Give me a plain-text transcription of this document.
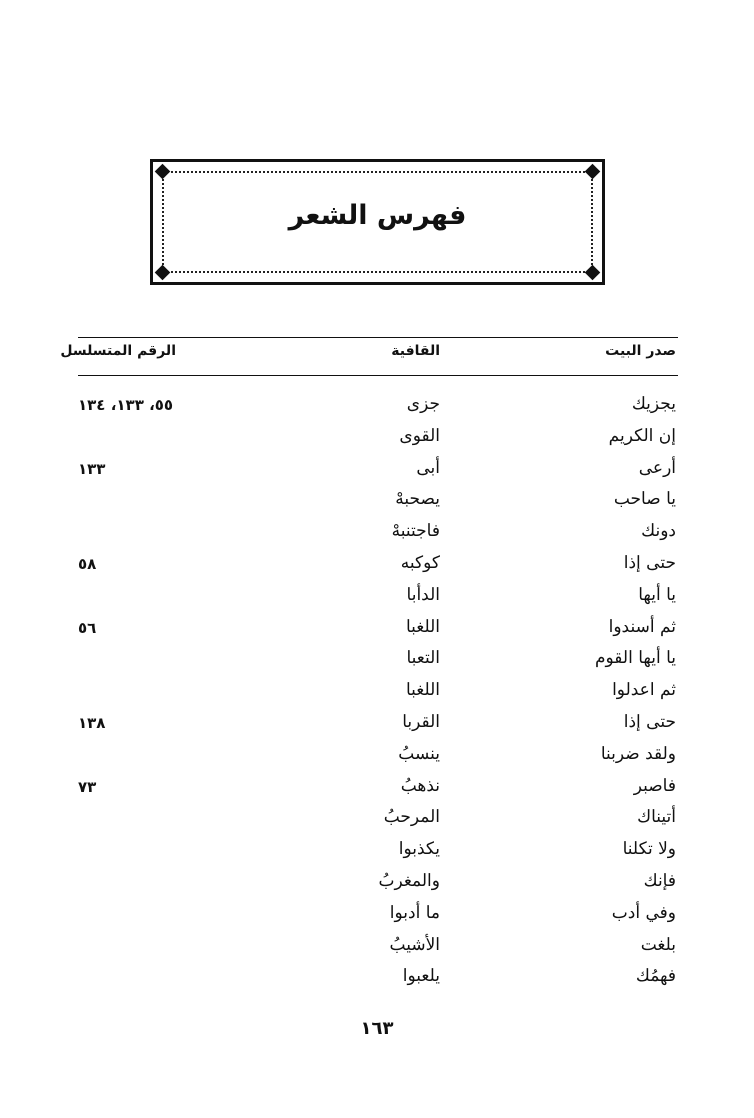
فهرس الشعر
صدر البيت
القافية
الرقم المتسلسل
يجزيك
جزى
٥٥، ١٣٣، ١٣٤
إن الكريم
القوى
أرعى
أبى
١٣٣
يا صاحب
يصحبهْ
دونك
فاجتنبهْ
حتى إذا
كوكبه
٥٨
يا أيها
الدأبا
ثم أسندوا
اللغبا
٥٦
يا أيها القوم
التعبا
ثم اعدلوا
اللغبا
حتى إذا
القربا
١٣٨
ولقد ضربنا
ينسبُ
فاصبر
نذهبُ
٧٣
أتيناك
المرحبُ
ولا تكلنا
يكذبوا
فإنك
والمغربُ
وفي أدب
ما أدبوا
بلغت
الأشيبُ
فهمُك
يلعبوا
١٦٣
